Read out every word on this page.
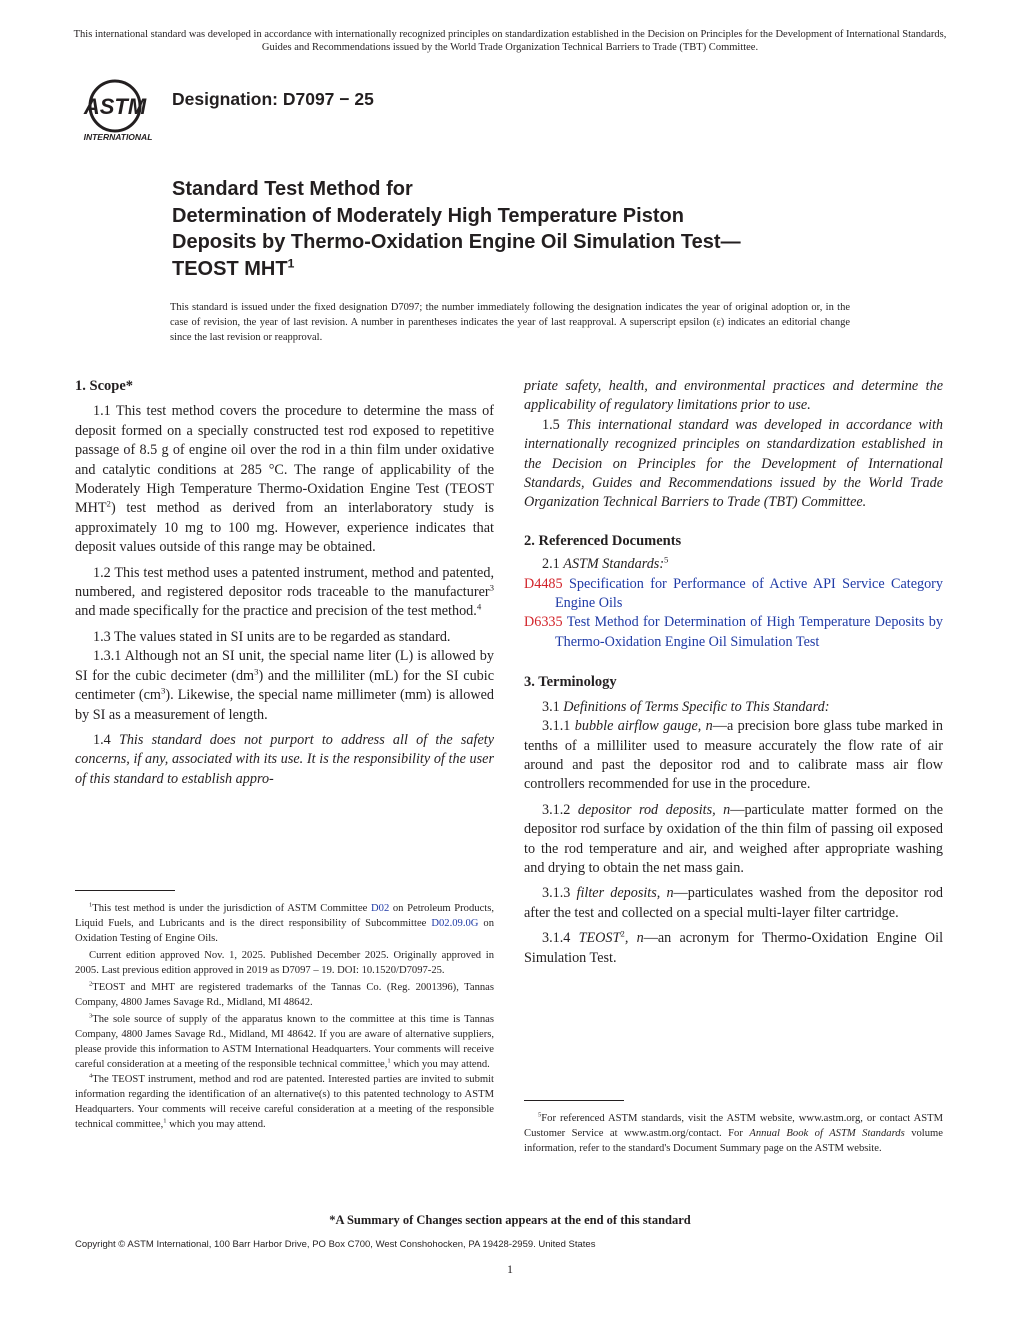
This international standard was developed in accordance with internationally recognized principles on standardization established in the Decision on Principles for the Development of International Standards, Guides and Recommendations issued by the World Trade Organization Technical Barriers to Trade (TBT) Committee.
ASTM
INTERNATIONAL
Designation: D7097 − 25
Standard Test Method for
Determination of Moderately High Temperature Piston
Deposits by Thermo-Oxidation Engine Oil Simulation Test—
TEOST MHT$^1$
This standard is issued under the fixed designation D7097; the number immediately following the designation indicates the year of original adoption or, in the case of revision, the year of last revision. A number in parentheses indicates the year of last reapproval. A superscript epsilon (ε) indicates an editorial change since the last revision or reapproval.

1. Scope*

1.1 This test method covers the procedure to determine the mass of deposit formed on a specially constructed test rod exposed to repetitive passage of 8.5 g of engine oil over the rod in a thin film under oxidative and catalytic conditions at 285 °C. The range of applicability of the Moderately High Temperature Thermo-Oxidation Engine Test (TEOST MHT$^2$) test method as derived from an interlaboratory study is approximately 10 mg to 100 mg. However, experience indicates that deposit values outside of this range may be obtained.

1.2 This test method uses a patented instrument, method and patented, numbered, and registered depositor rods traceable to the manufacturer$^3$ and made specifically for the practice and precision of the test method.$^4$

1.3 The values stated in SI units are to be regarded as standard.

1.3.1 Although not an SI unit, the special name liter (L) is allowed by SI for the cubic decimeter $(dm^3)$ and the milliliter (mL) for the SI cubic centimeter $(cm^3)$. Likewise, the special name millimeter (mm) is allowed by SI as a measurement of length.

1.4 This standard does not purport to address all of the safety concerns, if any, associated with its use. It is the responsibility of the user of this standard to establish appro-

$^1$This test method is under the jurisdiction of ASTM Committee D02 on Petroleum Products, Liquid Fuels, and Lubricants and is the direct responsibility of Subcommittee D02.09.0G on Oxidation Testing of Engine Oils.

Current edition approved Nov. 1, 2025. Published December 2025. Originally approved in 2005. Last previous edition approved in 2019 as D7097 – 19. DOI: 10.1520/D7097-25.

$^2$TEOST and MHT are registered trademarks of the Tannas Co. (Reg. 2001396), Tannas Company, 4800 James Savage Rd., Midland, MI 48642.

$^3$The sole source of supply of the apparatus known to the committee at this time is Tannas Company, 4800 James Savage Rd., Midland, MI 48642. If you are aware of alternative suppliers, please provide this information to ASTM International Headquarters. Your comments will receive careful consideration at a meeting of the responsible technical committee,$^1$ which you may attend.

$^4$The TEOST instrument, method and rod are patented. Interested parties are invited to submit information regarding the identification of an alternative(s) to this patented technology to ASTM Headquarters. Your comments will receive careful consideration at a meeting of the responsible technical committee,$^1$ which you may attend.

priate safety, health, and environmental practices and determine the applicability of regulatory limitations prior to use.

1.5 This international standard was developed in accordance with internationally recognized principles on standardization established in the Decision on Principles for the Development of International Standards, Guides and Recommendations issued by the World Trade Organization Technical Barriers to Trade (TBT) Committee.

2. Referenced Documents

2.1 ASTM Standards:$^5$

D4485 Specification for Performance of Active API Service Category Engine Oils

D6335 Test Method for Determination of High Temperature Deposits by Thermo-Oxidation Engine Oil Simulation Test

3. Terminology

3.1 Definitions of Terms Specific to This Standard:

3.1.1 bubble airflow gauge, n—a precision bore glass tube marked in tenths of a milliliter used to measure accurately the flow rate of air around and past the depositor rod and to calibrate mass air flow controllers recommended for use in the procedure.

3.1.2 depositor rod deposits, n—particulate matter formed on the depositor rod surface by oxidation of the thin film of passing oil exposed to the rod temperature and air, and weighed after appropriate washing and drying to obtain the net mass gain.

3.1.3 filter deposits, n—particulates washed from the depositor rod after the test and collected on a special multi-layer filter cartridge.

3.1.4 TEOST$^2$, n—an acronym for Thermo-Oxidation Engine Oil Simulation Test.

$^5$For referenced ASTM standards, visit the ASTM website, www.astm.org, or contact ASTM Customer Service at www.astm.org/contact. For Annual Book of ASTM Standards volume information, refer to the standard's Document Summary page on the ASTM website.

*A Summary of Changes section appears at the end of this standard
Copyright © ASTM International, 100 Barr Harbor Drive, PO Box C700, West Conshohocken, PA 19428-2959. United States
1
